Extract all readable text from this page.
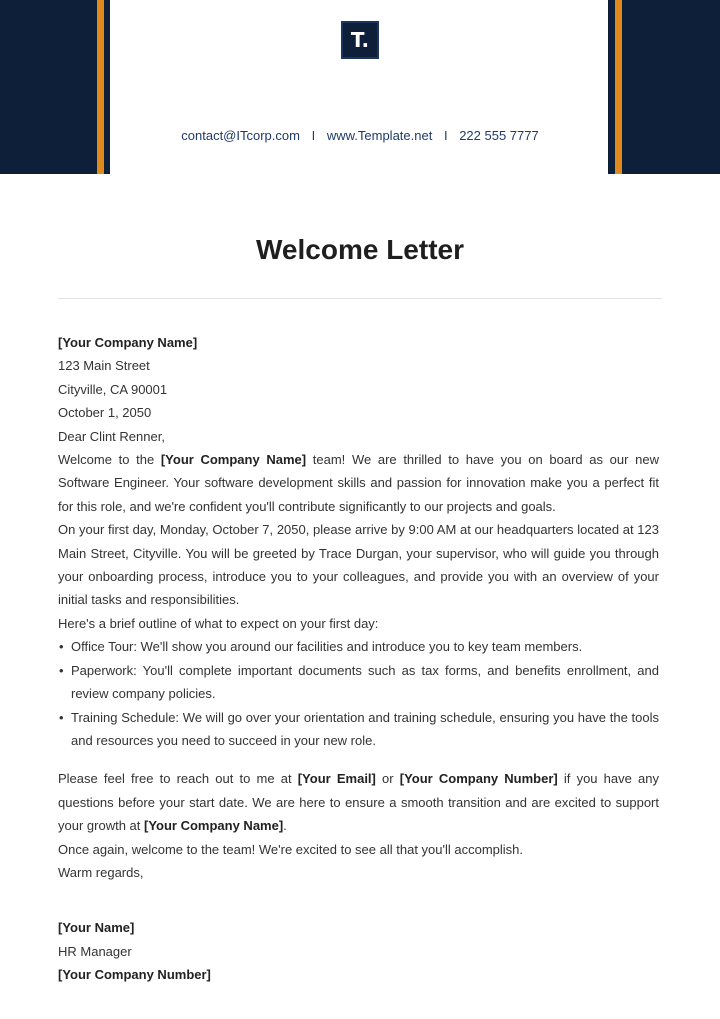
T.
contact@ITcorp.com I www.Template.net I 222 555 7777
Welcome Letter

[Your Company Name]

123 Main Street

Cityville, CA 90001

October 1, 2050

Dear Clint Renner,

Welcome to the [Your Company Name] team! We are thrilled to have you on board as our new Software Engineer. Your software development skills and passion for innovation make you a perfect fit for this role, and we're confident you'll contribute significantly to our projects and goals.

On your first day, Monday, October 7, 2050, please arrive by 9:00 AM at our headquarters located at 123 Main Street, Cityville. You will be greeted by Trace Durgan, your supervisor, who will guide you through your onboarding process, introduce you to your colleagues, and provide you with an overview of your initial tasks and responsibilities.

Here's a brief outline of what to expect on your first day:

• Office Tour: We'll show you around our facilities and introduce you to key team members.
• Paperwork: You'll complete important documents such as tax forms, and benefits enrollment, and review company policies.
• Training Schedule: We will go over your orientation and training schedule, ensuring you have the tools and resources you need to succeed in your new role.

Please feel free to reach out to me at [Your Email] or [Your Company Number] if you have any questions before your start date. We are here to ensure a smooth transition and are excited to support your growth at [Your Company Name].

Once again, welcome to the team! We're excited to see all that you'll accomplish.

Warm regards,

[Your Name]

HR Manager

[Your Company Number]
